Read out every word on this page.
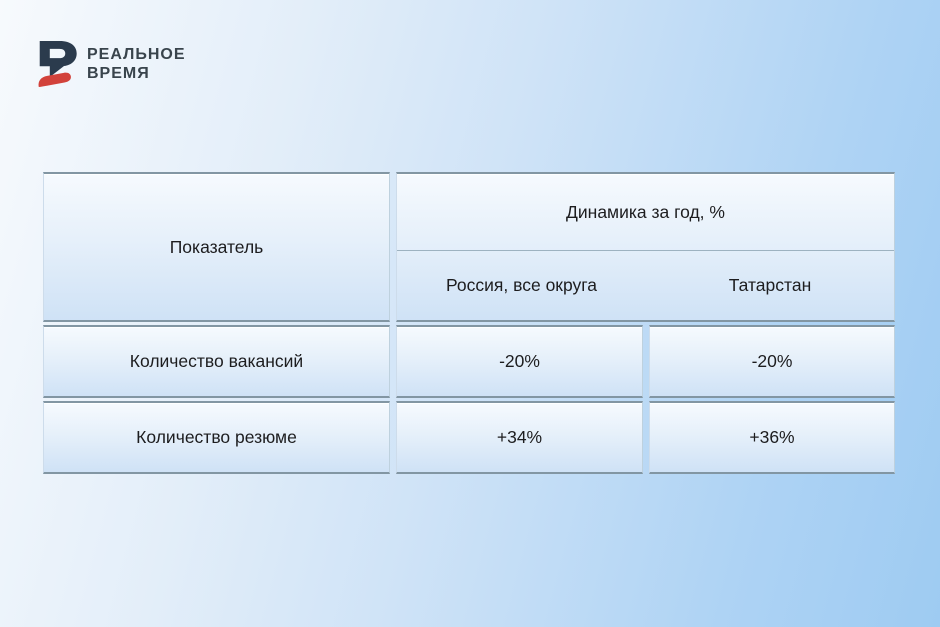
РЕАЛЬНОЕ
ВРЕМЯ
Показатель
Динамика за год, %
Россия, все округа	Татарстан
Количество вакансий	-20%	-20%
Количество резюме	+34%	+36%
